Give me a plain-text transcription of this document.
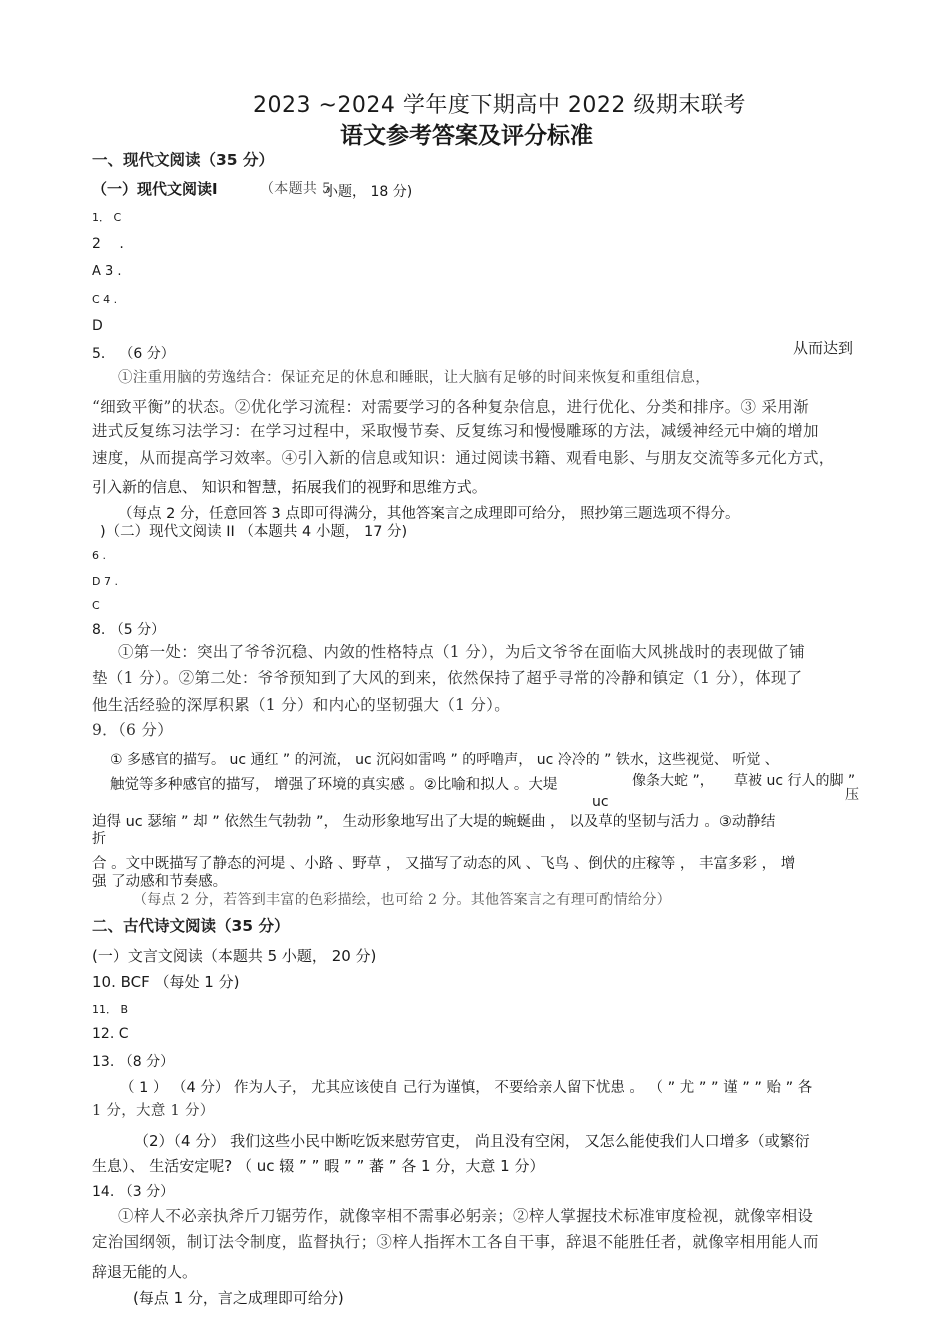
2023 ~2024 学年度下期高中 2022 级期末联考
语文参考答案及评分标准
一、现代文阅读（35 分）
（一）现代文阅读Ⅰ	（本题共 5
小题， 18 分)
1． C
2　 .
A 3 .
C 4 .
D
5． （6 分）	从而达到
①注重用脑的劳逸结合：保证充足的休息和睡眠，让大脑有足够的时间来恢复和重组信息，
“细致平衡”的状态。②优化学习流程：对需要学习的各种复杂信息，进行优化、分类和排序。③ 采用渐
进式反复练习法学习：在学习过程中，采取慢节奏、反复练习和慢慢雕琢的方法，减缓神经元中熵的增加
速度，从而提高学习效率。④引入新的信息或知识：通过阅读书籍、观看电影、与朋友交流等多元化方式，
引入新的信息、 知识和智慧，拓展我们的视野和思维方式。
（每点 2 分，任意回答 3 点即可得满分，其他答案言之成理即可给分， 照抄第三题选项不得分。
)（二）现代文阅读 II （本题共 4 小题， 17 分)
6 .
D 7 .
C
8. （5 分）
①第一处：突出了爷爷沉稳、内敛的性格特点（1 分），为后文爷爷在面临大风挑战时的表现做了铺
垫（1 分）。②第二处：爷爷预知到了大风的到来，依然保持了超乎寻常的冷静和镇定（1 分），体现了
他生活经验的深厚积累（1 分）和内心的坚韧强大（1 分）。
9．（6 分）
① 多感官的描写。 uc 通红 ” 的河流， uc 沉闷如雷鸣 ” 的呼噜声， uc 冷冷的 ” 铁水，这些视觉、 听觉 、
触觉等多种感官的描写， 增强了环境的真实感 。②比喻和拟人 。大堤	像条大蛇 ”， 草被 uc 行人的脚 ”
uc	压
迫得 uc 瑟缩 ” 却 ” 依然生气勃勃 ”， 生动形象地写出了大堤的蜿蜒曲 ， 以及草的坚韧与活力 。③动静结
折
合 。文中既描写了静态的河堤 、小路 、野草 ， 又描写了动态的风 、飞鸟 、倒伏的庄稼等 ， 丰富多彩 ， 增
强 了动感和节奏感。
（每点 2 分，若答到丰富的色彩描绘，也可给 2 分。其他答案言之有理可酌情给分）
二、古代诗文阅读（35 分）
(一）文言文阅读（本题共 5 小题， 20 分)
10. BCF （每处 1 分)
11． B
12. C
13. （8 分）
（ 1 ） （4 分） 作为人子， 尤其应该使自 己行为谨慎， 不要给亲人留下忧患 。 （ ” 尤 ” ” 谨 ” ” 贻 ” 各
1 分，大意 1 分）
（2）（4 分） 我们这些小民中断吃饭来慰劳官吏， 尚且没有空闲， 又怎么能使我们人口增多（或繁衍
生息）、 生活安定呢? （ uc 辍 ” ” 暇 ” ” 蕃 ” 各 1 分，大意 1 分）
14. （3 分）
①梓人不必亲执斧斤刀锯劳作，就像宰相不需事必躬亲；②梓人掌握技术标准审度检视，就像宰相设
定治国纲领，制订法令制度，监督执行；③梓人指挥木工各自干事，辞退不能胜任者，就像宰相用能人而
辞退无能的人。
(每点 1 分，言之成理即可给分)
